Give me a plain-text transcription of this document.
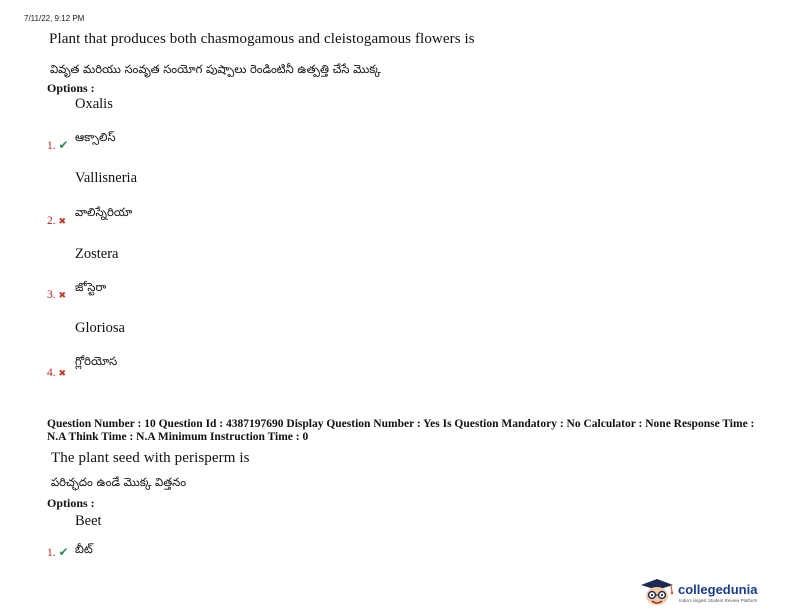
7/11/22, 9:12 PM
Plant that produces both chasmogamous and cleistogamous flowers is
వివృత మరియు సంవృత సంయోగ పుష్పాలు రెండింటినీ ఉత్పత్తి చేసే మొక్క
Options :
Oxalis
1. ✔
ఆక్సాలిస్
Vallisneria
2. ✖
వాలిస్నేరియా
Zostera
3. ✖
జోస్టెరా
Gloriosa
4. ✖
గ్లోరియోస
Question Number : 10 Question Id : 4387197690 Display Question Number : Yes Is Question Mandatory : No Calculator : None Response Time : N.A Think Time : N.A Minimum Instruction Time : 0
The plant seed with perisperm is
పరిచ్ఛదం ఉండే మొక్క విత్తనం
Options :
Beet
1. ✔ బీట్
collegedunia
India's largest Student Review Platform
